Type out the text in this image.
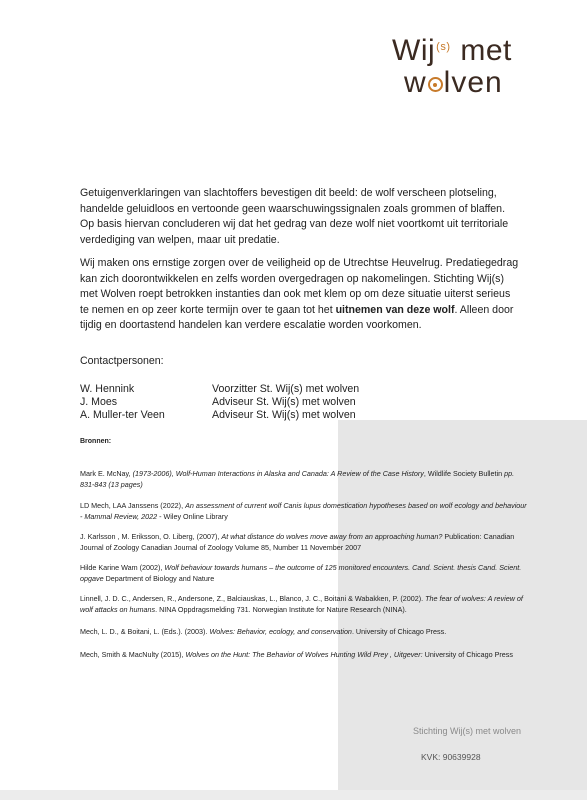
Wij$^{(s)}$ met
w lven
Getuigenverklaringen van slachtoffers bevestigen dit beeld: de wolf verscheen plotseling, handelde geluidloos en vertoonde geen waarschuwingssignalen zoals grommen of blaffen. Op basis hiervan concluderen wij dat het gedrag van deze wolf niet voortkomt uit territoriale verdediging van welpen, maar uit predatie.
Wij maken ons ernstige zorgen over de veiligheid op de Utrechtse Heuvelrug. Predatiegedrag kan zich doorontwikkelen en zelfs worden overgedragen op nakomelingen. Stichting Wij(s) met Wolven roept betrokken instanties dan ook met klem op om deze situatie uiterst serieus te nemen en op zeer korte termijn over te gaan tot het uitnemen van deze wolf. Alleen door tijdig en doortastend handelen kan verdere escalatie worden voorkomen.
Contactpersonen:
W. Hennink	Voorzitter St. Wij(s) met wolven
J. Moes	Adviseur St. Wij(s) met wolven
A. Muller-ter Veen	Adviseur St. Wij(s) met wolven
Bronnen:
Mark E. McNay, (1973-2006), Wolf-Human Interactions in Alaska and Canada: A Review of the Case History, Wildlife Society Bulletin pp. 831-843 (13 pages)
LD Mech, LAA Janssens (2022), An assessment of current wolf Canis lupus domestication hypotheses based on wolf ecology and behaviour - Mammal Review, 2022 - Wiley Online Library
J. Karlsson , M. Eriksson, O. Liberg, (2007), At what distance do wolves move away from an approaching human? Publication: Canadian Journal of Zoology Canadian Journal of Zoology Volume 85, Number 11 November 2007
Hilde Karine Wam (2002), Wolf behaviour towards humans – the outcome of 125 monitored encounters. Cand. Scient. thesis Cand. Scient. opgave Department of Biology and Nature
Linnell, J. D. C., Andersen, R., Andersone, Z., Balciauskas, L., Blanco, J. C., Boitani & Wabakken, P. (2002). The fear of wolves: A review of wolf attacks on humans. NINA Oppdragsmelding 731. Norwegian Institute for Nature Research (NINA).
Mech, L. D., & Boitani, L. (Eds.). (2003). Wolves: Behavior, ecology, and conservation. University of Chicago Press.
Mech, Smith & MacNulty (2015), Wolves on the Hunt: The Behavior of Wolves Hunting Wild Prey , Uitgever: University of Chicago Press
Stichting Wij(s) met wolven
KVK: 90639928
